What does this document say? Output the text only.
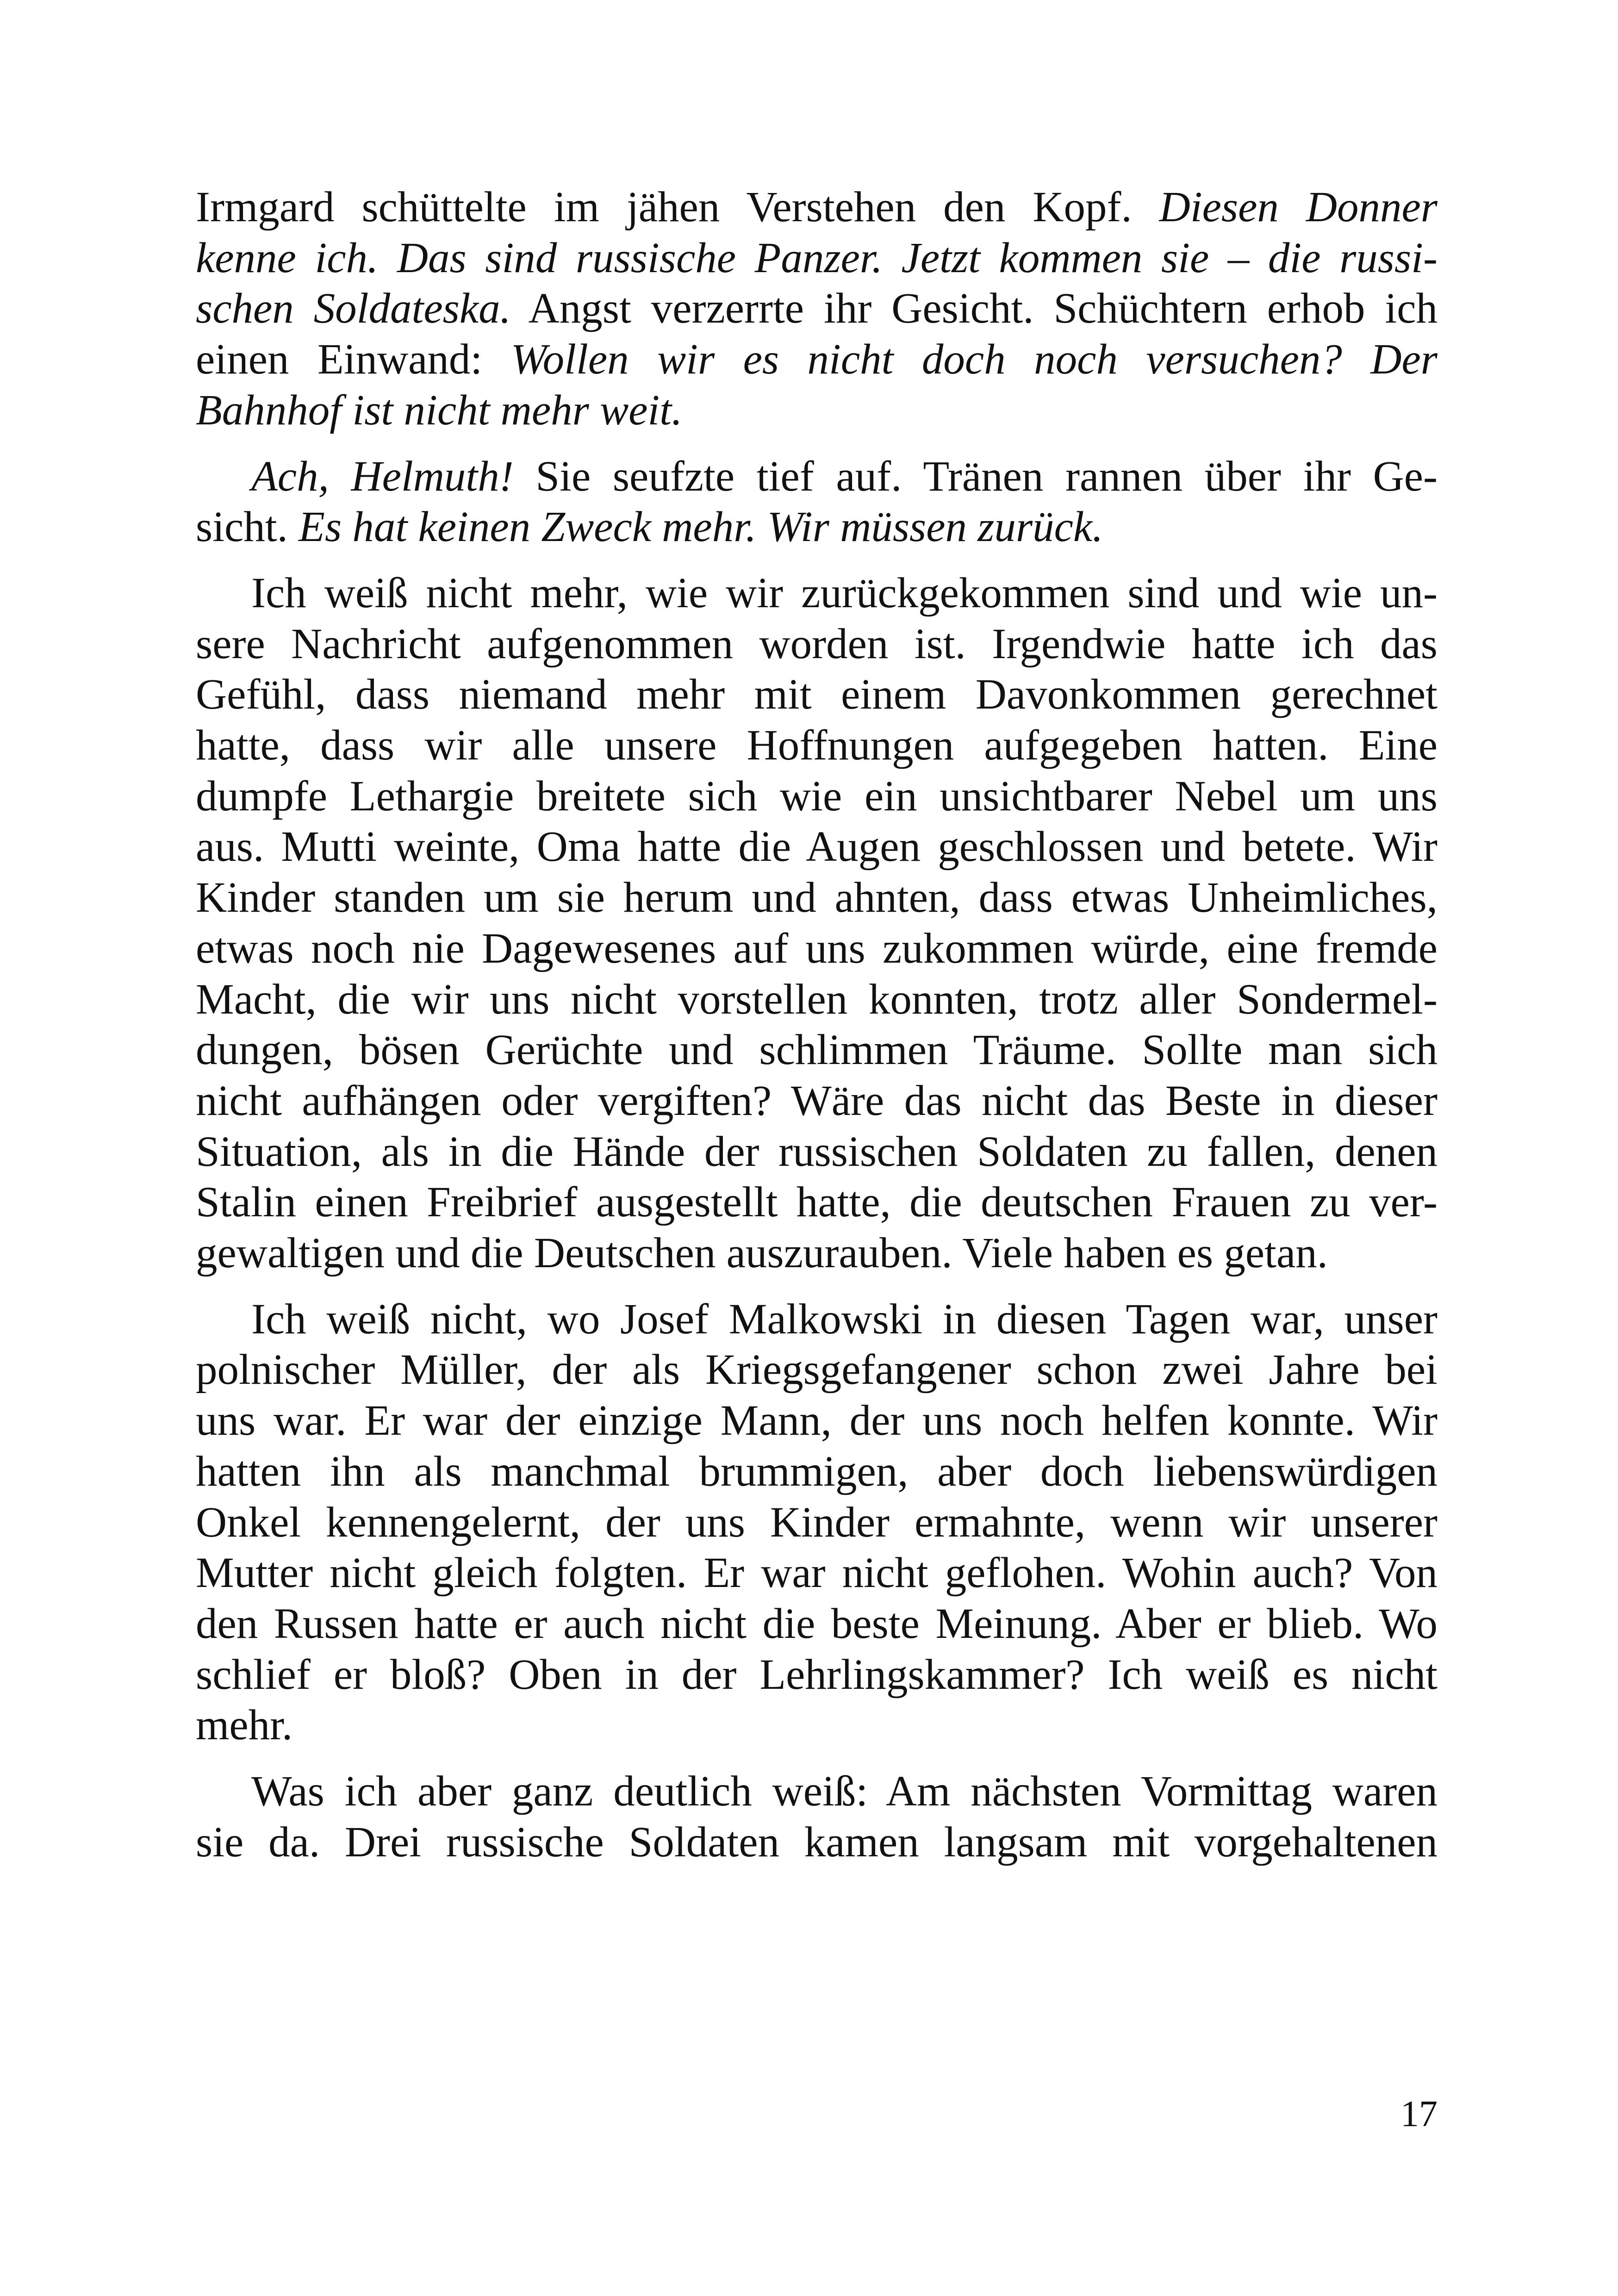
Irmgard schüttelte im jähen Verstehen den Kopf. Diesen Donner
kenne ich. Das sind russische Panzer. Jetzt kommen sie – die russi-
schen Soldateska. Angst verzerrte ihr Gesicht. Schüchtern erhob ich
einen Einwand: Wollen wir es nicht doch noch versuchen? Der
Bahnhof ist nicht mehr weit.
Ach, Helmuth! Sie seufzte tief auf. Tränen rannen über ihr Ge-
sicht. Es hat keinen Zweck mehr. Wir müssen zurück.
Ich weiß nicht mehr, wie wir zurückgekommen sind und wie un-
sere Nachricht aufgenommen worden ist. Irgendwie hatte ich das
Gefühl, dass niemand mehr mit einem Davonkommen gerechnet
hatte, dass wir alle unsere Hoffnungen aufgegeben hatten. Eine
dumpfe Lethargie breitete sich wie ein unsichtbarer Nebel um uns
aus. Mutti weinte, Oma hatte die Augen geschlossen und betete. Wir
Kinder standen um sie herum und ahnten, dass etwas Unheimliches,
etwas noch nie Dagewesenes auf uns zukommen würde, eine fremde
Macht, die wir uns nicht vorstellen konnten, trotz aller Sondermel-
dungen, bösen Gerüchte und schlimmen Träume. Sollte man sich
nicht aufhängen oder vergiften? Wäre das nicht das Beste in dieser
Situation, als in die Hände der russischen Soldaten zu fallen, denen
Stalin einen Freibrief ausgestellt hatte, die deutschen Frauen zu ver-
gewaltigen und die Deutschen auszurauben. Viele haben es getan.
Ich weiß nicht, wo Josef Malkowski in diesen Tagen war, unser
polnischer Müller, der als Kriegsgefangener schon zwei Jahre bei
uns war. Er war der einzige Mann, der uns noch helfen konnte. Wir
hatten ihn als manchmal brummigen, aber doch liebenswürdigen
Onkel kennengelernt, der uns Kinder ermahnte, wenn wir unserer
Mutter nicht gleich folgten. Er war nicht geflohen. Wohin auch? Von
den Russen hatte er auch nicht die beste Meinung. Aber er blieb. Wo
schlief er bloß? Oben in der Lehrlingskammer? Ich weiß es nicht
mehr.
Was ich aber ganz deutlich weiß: Am nächsten Vormittag waren
sie da. Drei russische Soldaten kamen langsam mit vorgehaltenen
17
